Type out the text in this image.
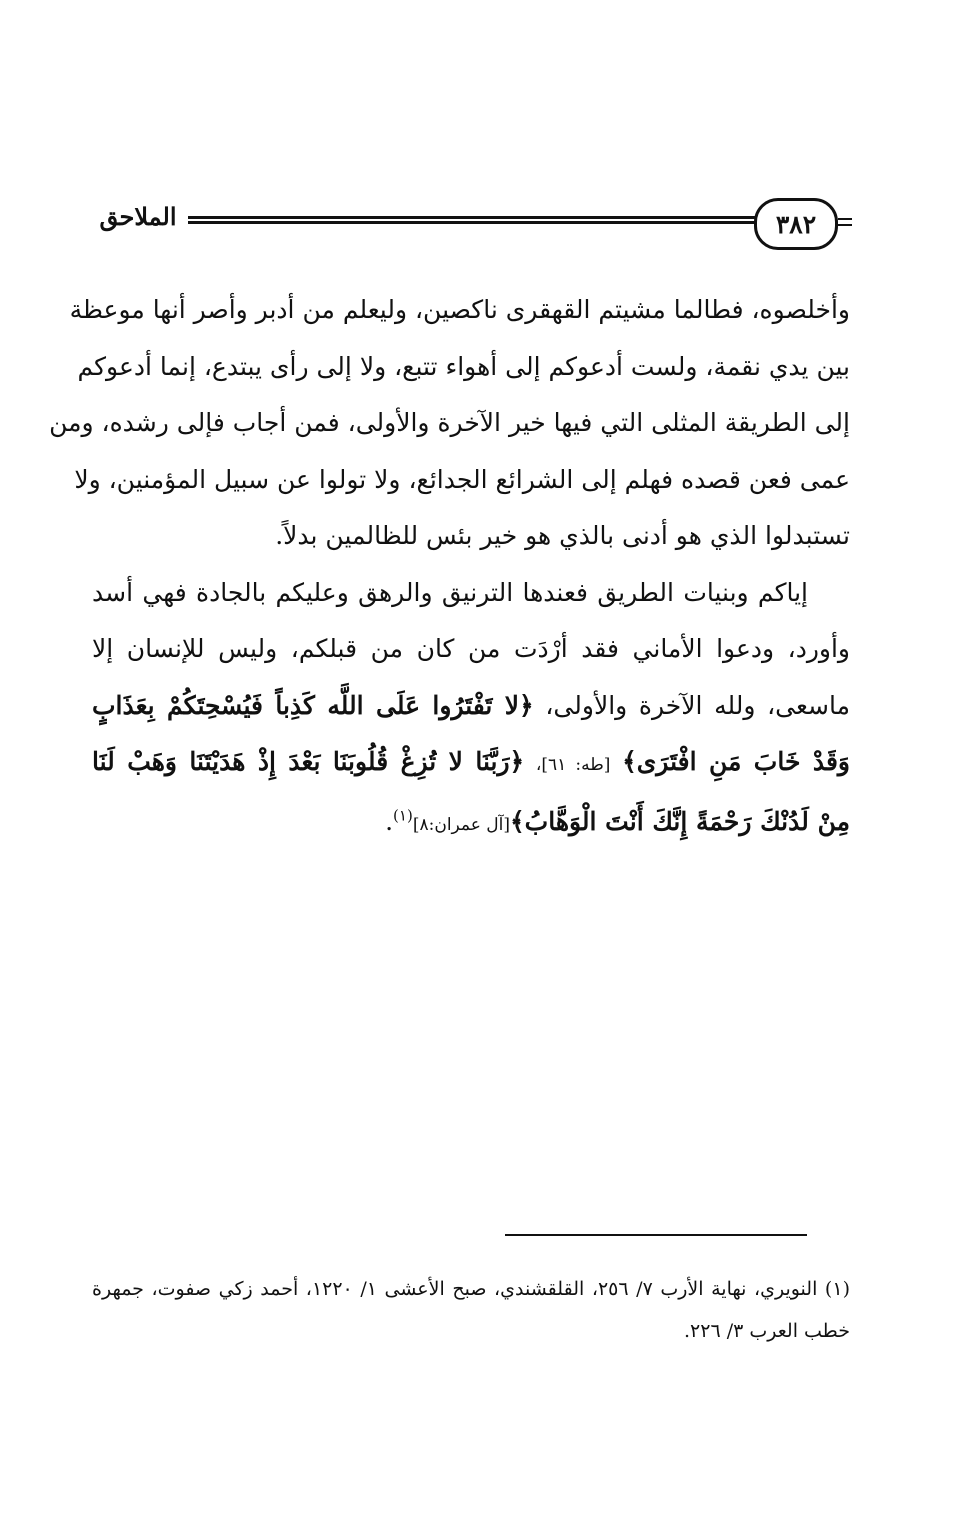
٣٨٢
الملاحق

وأخلصوه، فطالما مشيتم القهقرى ناكصين، وليعلم من أدبر وأصر أنها موعظة
بين يدي نقمة، ولست أدعوكم إلى أهواء تتبع، ولا إلى رأى يبتدع، إنما أدعوكم
إلى الطريقة المثلى التي فيها خير الآخرة والأولى، فمن أجاب فإلى رشده، ومن
عمى فعن قصده فهلم إلى الشرائع الجدائع، ولا تولوا عن سبيل المؤمنين، ولا
تستبدلوا الذي هو أدنى بالذي هو خير بئس للظالمين بدلاً.

إياكم وبنيات الطريق فعندها الترنيق والرهق وعليكم بالجادة فهي أسد
وأورد، ودعوا الأماني فقد أرْدَت من كان من قبلكم، وليس للإنسان إلا
ماسعى، ولله الآخرة والأولى، ﴿لا تَفْتَرُوا عَلَى اللَّه كَذِباً فَيُسْحِتَكُمْ بِعَذَابٍ
وَقَدْ خَابَ مَنِ افْتَرَى﴾ [طه: ٦١]، ﴿رَبَّنَا لا تُزِغْ قُلُوبَنَا بَعْدَ إِذْ هَدَيْتَنَا وَهَبْ لَنَا
مِنْ لَدُنْكَ رَحْمَةً إِنَّكَ أَنْتَ الْوَهَّابُ﴾[آل عمران:٨]$^{(١)}$.

(١) النويري، نهاية الأرب ٧/ ٢٥٦، القلقشندي، صبح الأعشى ١/ ١٢٢٠، أحمد زكي صفوت، جمهرة
خطب العرب ٣/ ٢٢٦.
